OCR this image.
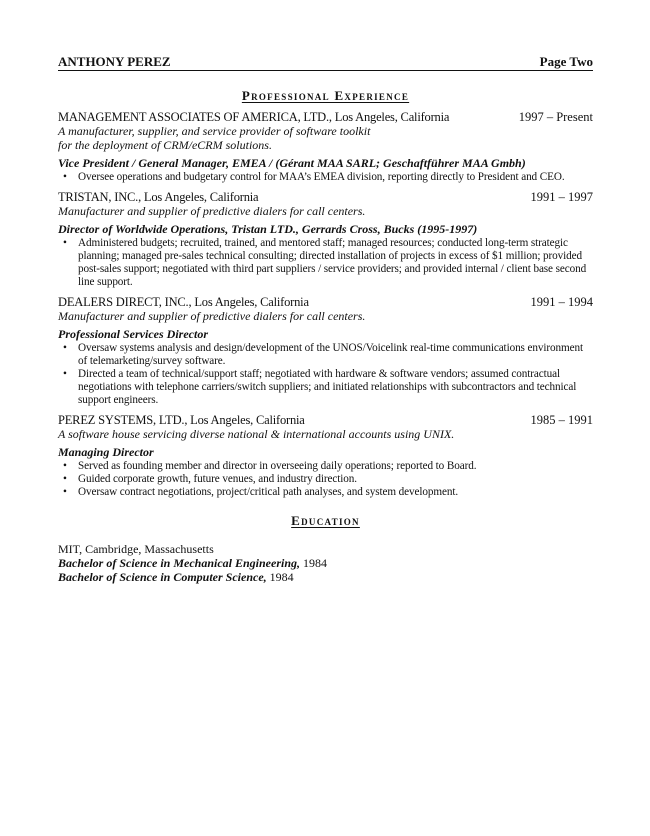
ANTHONY PEREZ	Page Two
Professional Experience
MANAGEMENT ASSOCIATES OF AMERICA, LTD., Los Angeles, California	1997 – Present
A manufacturer, supplier, and service provider of software toolkit
for the deployment of CRM/eCRM solutions.
Vice President / General Manager, EMEA / (Gérant MAA SARL; Geschaftführer MAA Gmbh)
• Oversee operations and budgetary control for MAA’s EMEA division, reporting directly to President and CEO.
TRISTAN, INC., Los Angeles, California	1991 – 1997
Manufacturer and supplier of predictive dialers for call centers.
Director of Worldwide Operations, Tristan LTD., Gerrards Cross, Bucks (1995-1997)
• Administered budgets; recruited, trained, and mentored staff; managed resources; conducted long-term strategic planning; managed pre-sales technical consulting; directed installation of projects in excess of $1 million; provided post-sales support; negotiated with third part suppliers / service providers; and provided internal / client base second line support.
DEALERS DIRECT, INC., Los Angeles, California	1991 – 1994
Manufacturer and supplier of predictive dialers for call centers.
Professional Services Director
• Oversaw systems analysis and design/development of the UNOS/Voicelink real-time communications environment of telemarketing/survey software.
• Directed a team of technical/support staff; negotiated with hardware & software vendors; assumed contractual negotiations with telephone carriers/switch suppliers; and initiated relationships with subcontractors and technical support engineers.
PEREZ SYSTEMS, LTD., Los Angeles, California	1985 – 1991
A software house servicing diverse national & international accounts using UNIX.
Managing Director
• Served as founding member and director in overseeing daily operations; reported to Board.
• Guided corporate growth, future venues, and industry direction.
• Oversaw contract negotiations, project/critical path analyses, and system development.
Education
MIT, Cambridge, Massachusetts
Bachelor of Science in Mechanical Engineering, 1984
Bachelor of Science in Computer Science, 1984
